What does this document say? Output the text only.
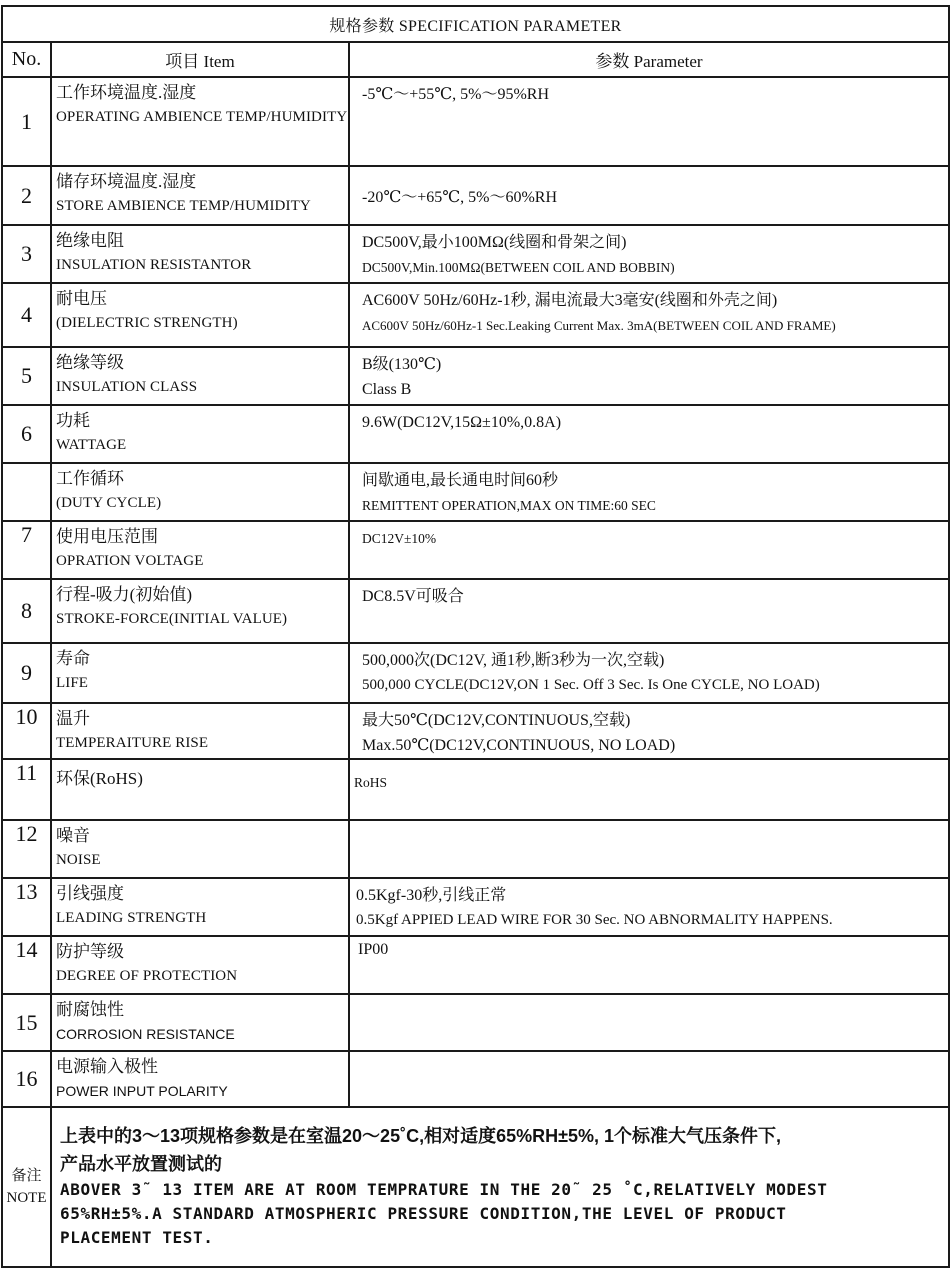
规格参数 SPECIFICATION PARAMETER		
No.	项目 Item	参数 Parameter
1	工作环境温度.湿度
OPERATING AMBIENCE TEMP/HUMIDITY	-5℃～+55℃, 5%～95%RH

2	储存环境温度.湿度
STORE AMBIENCE TEMP/HUMIDITY	-20℃～+65℃, 5%～60%RH

3	绝缘电阻
INSULATION RESISTANTOR	DC500V,最小100MΩ(线圈和骨架之间)
DC500V,Min.100MΩ(BETWEEN COIL AND BOBBIN)

4	耐电压
(DIELECTRIC STRENGTH)	AC600V 50Hz/60Hz-1秒, 漏电流最大3毫安(线圈和外壳之间)
AC600V 50Hz/60Hz-1 Sec.Leaking Current Max. 3mA(BETWEEN COIL AND FRAME)

5	绝缘等级
INSULATION CLASS	B级(130℃)
Class B

6	功耗
WATTAGE	9.6W(DC12V,15Ω±10%,0.8A)

	工作循环
(DUTY CYCLE)	间歇通电,最长通电时间60秒
REMITTENT OPERATION,MAX ON TIME:60 SEC

7	使用电压范围
OPRATION VOLTAGE	DC12V±10%

8	行程-吸力(初始值)
STROKE-FORCE(INITIAL VALUE)	DC8.5V可吸合

9	寿命
LIFE	500,000次(DC12V, 通1秒,断3秒为一次,空载)
500,000 CYCLE(DC12V,ON 1 Sec. Off 3 Sec. Is One CYCLE, NO LOAD)

10	温升
TEMPERAITURE RISE	最大50℃(DC12V,CONTINUOUS,空载)
Max.50℃(DC12V,CONTINUOUS, NO LOAD)

11	环保(RoHS)	RoHS

12	噪音
NOISE	

13	引线强度
LEADING STRENGTH	0.5Kgf-30秒,引线正常
0.5Kgf APPIED LEAD WIRE FOR 30 Sec. NO ABNORMALITY HAPPENS.

14	防护等级
DEGREE OF PROTECTION	IP00

15	耐腐蚀性
CORROSION RESISTANCE	

16	电源输入极性
POWER INPUT POLARITY	

备注
NOTE	上表中的3～13项规格参数是在室温20～25˚C,相对适度65%RH±5%, 1个标准大气压条件下,
产品水平放置测试的
ABOVER 3˜ 13 ITEM ARE AT ROOM TEMPRATURE IN THE 20˜ 25 ˚C,RELATIVELY MODEST
65%RH±5%.A STANDARD ATMOSPHERIC PRESSURE CONDITION,THE LEVEL OF PRODUCT
PLACEMENT TEST.	
